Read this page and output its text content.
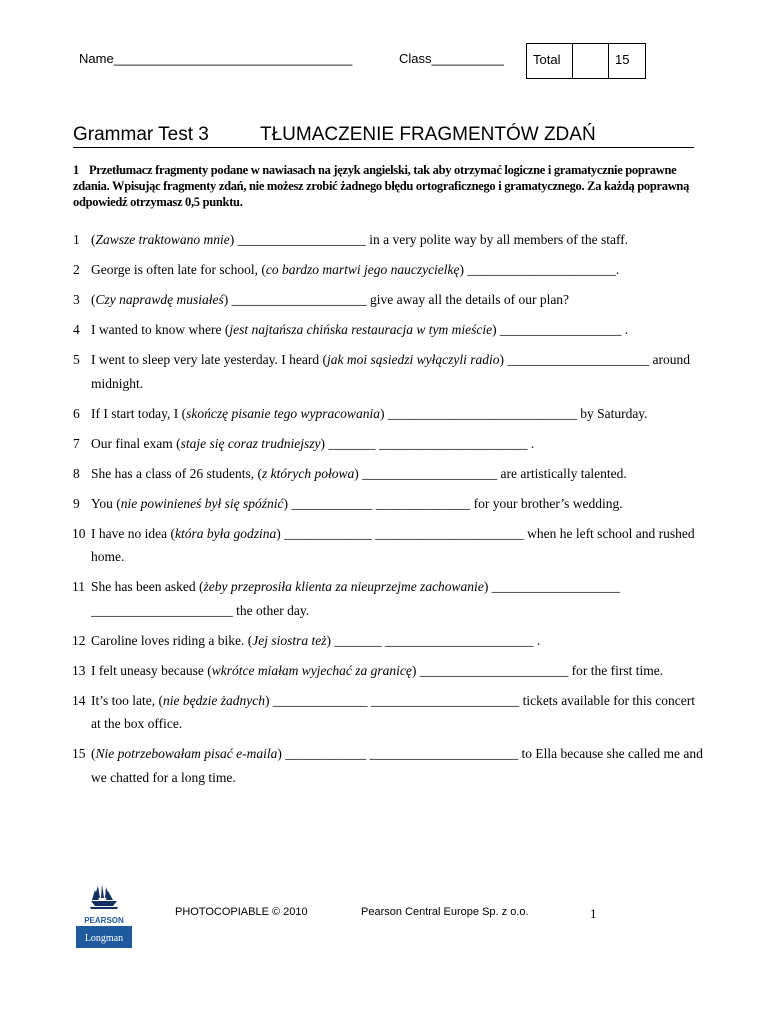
Name_________________________________	Class__________	Total	15
Grammar Test 3	TŁUMACZENIE FRAGMENTÓW ZDAŃ
1 Przetłumacz fragmenty podane w nawiasach na język angielski, tak aby otrzymać logiczne i gramatycznie poprawne zdania. Wpisując fragmenty zdań, nie możesz zrobić żadnego błędu ortograficznego i gramatycznego. Za każdą poprawną odpowiedź otrzymasz 0,5 punktu.
1 (Zawsze traktowano mnie) ___________________ in a very polite way by all members of the staff.
2 George is often late for school, (co bardzo martwi jego nauczycielkę) ______________________.
3 (Czy naprawdę musiałeś) ____________________ give away all the details of our plan?
4 I wanted to know where (jest najtańsza chińska restauracja w tym mieście) __________________ .
5 I went to sleep very late yesterday. I heard (jak moi sąsiedzi wyłączyli radio) _____________________ around midnight.
6 If I start today, I (skończę pisanie tego wypracowania) ____________________________ by Saturday.
7 Our final exam (staje się coraz trudniejszy) _______ ______________________ .
8 She has a class of 26 students, (z których połowa) ____________________ are artistically talented.
9 You (nie powinieneś był się spóźnić) ____________ ______________ for your brother’s wedding.
10 I have no idea (która była godzina) _____________ ______________________ when he left school and rushed home.
11 She has been asked (żeby przeprosiła klienta za nieuprzejme zachowanie) ___________________ _____________________ the other day.
12 Caroline loves riding a bike. (Jej siostra też) _______ ______________________ .
13 I felt uneasy because (wkrótce miałam wyjechać za granicę) ______________________ for the first time.
14 It’s too late, (nie będzie żadnych) ______________ ______________________ tickets available for this concert at the box office.
15 (Nie potrzebowałam pisać e-maila) ____________ ______________________ to Ella because she called me and we chatted for a long time.
PEARSON
Longman
PHOTOCOPIABLE © 2010	Pearson Central Europe Sp. z o.o.	1
